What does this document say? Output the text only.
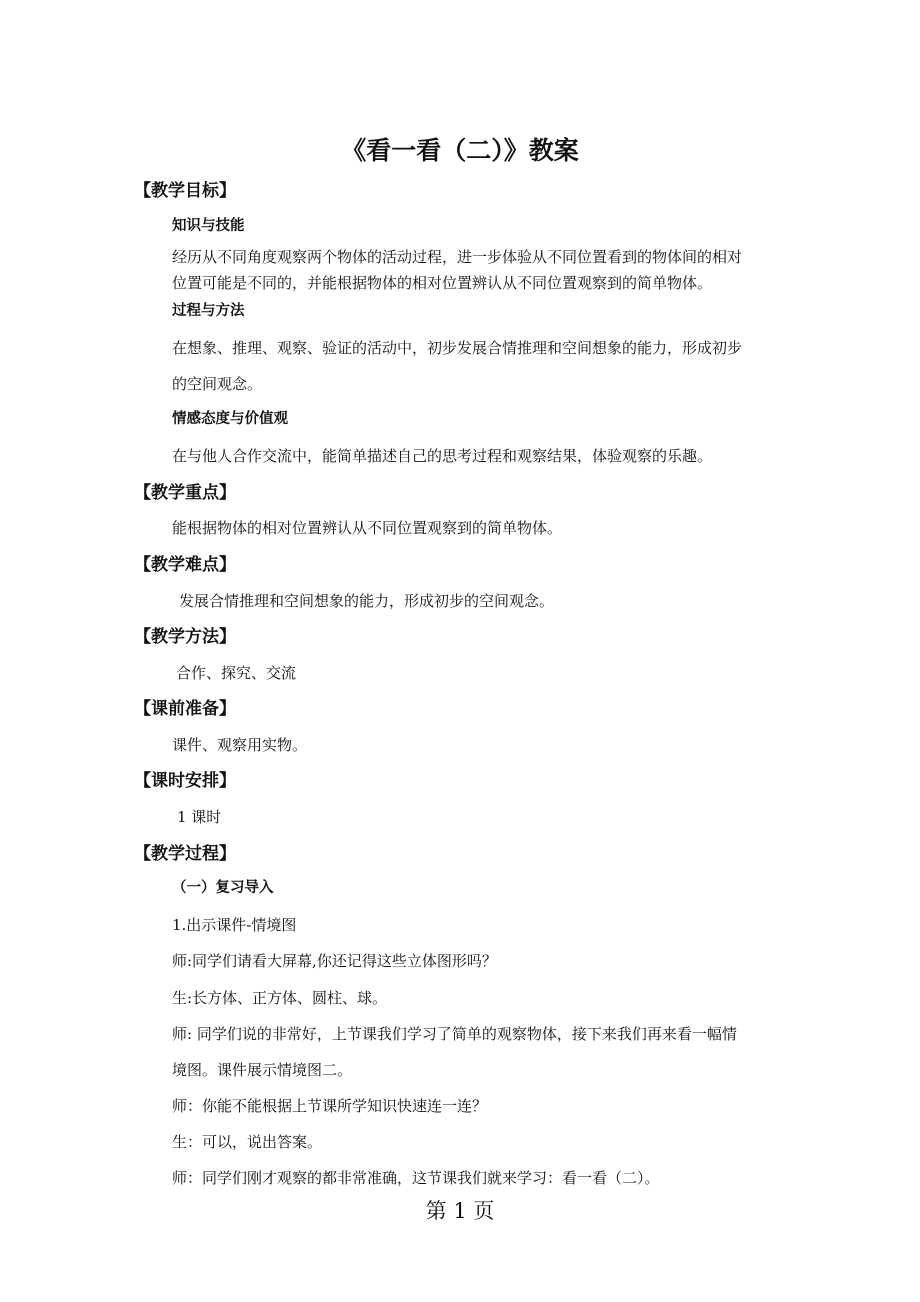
《看一看（二）》教案
【教学目标】
知识与技能
经历从不同角度观察两个物体的活动过程，进一步体验从不同位置看到的物体间的相对
位置可能是不同的，并能根据物体的相对位置辨认从不同位置观察到的简单物体。
过程与方法
在想象、推理、观察、验证的活动中，初步发展合情推理和空间想象的能力，形成初步
的空间观念。
情感态度与价值观
在与他人合作交流中，能简单描述自己的思考过程和观察结果，体验观察的乐趣。
【教学重点】
能根据物体的相对位置辨认从不同位置观察到的简单物体。
【教学难点】
发展合情推理和空间想象的能力，形成初步的空间观念。
【教学方法】
合作、探究、交流
【课前准备】
课件、观察用实物。
【课时安排】
1 课时
【教学过程】
（一）复习导入
1.出示课件-情境图
师:同学们请看大屏幕,你还记得这些立体图形吗？
生:长方体、正方体、圆柱、球。
师: 同学们说的非常好，上节课我们学习了简单的观察物体，接下来我们再来看一幅情
境图。课件展示情境图二。
师：你能不能根据上节课所学知识快速连一连？
生：可以，说出答案。
师：同学们刚才观察的都非常准确，这节课我们就来学习：看一看（二）。
第 1 页
